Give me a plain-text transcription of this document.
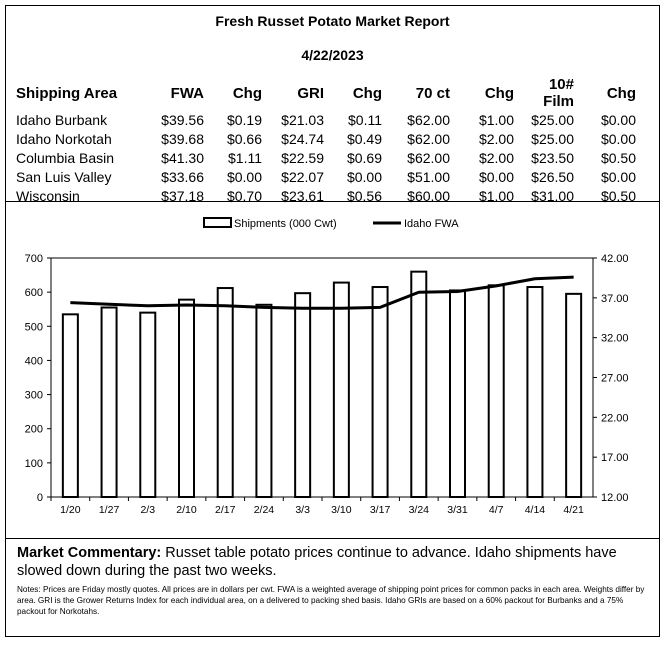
Fresh Russet Potato Market Report
4/22/2023
Shipping Area	FWA	Chg	GRI	Chg	70 ct	Chg	10# Film	Chg
Idaho Burbank	$39.56	$0.19	$21.03	$0.11	$62.00	$1.00	$25.00	$0.00
Idaho Norkotah	$39.68	$0.66	$24.74	$0.49	$62.00	$2.00	$25.00	$0.00
Columbia Basin	$41.30	$1.11	$22.59	$0.69	$62.00	$2.00	$23.50	$0.50
San Luis Valley	$33.66	$0.00	$22.07	$0.00	$51.00	$0.00	$26.50	$0.00
Wisconsin	$37.18	$0.70	$23.61	$0.56	$60.00	$1.00	$31.00	$0.50
0
100
200
300
400
500
600
700
12.00
17.00
22.00
27.00
32.00
37.00
42.00
1/20 1/27 2/3 2/10 2/17 2/24 3/3 3/10 3/17 3/24 3/31 4/7 4/14 4/21
Shipments (000 Cwt)	Idaho FWA
Market Commentary: Russet table potato prices continue to advance. Idaho shipments have slowed down during the past two weeks.
Notes: Prices are Friday mostly quotes. All prices are in dollars per cwt. FWA is a weighted average of shipping point prices for common packs in each area. Weights differ by area. GRI is the Grower Returns Index for each individual area, on a delivered to packing shed basis. Idaho GRIs are based on a 60% packout for Burbanks and a 75% packout for Norkotahs.
